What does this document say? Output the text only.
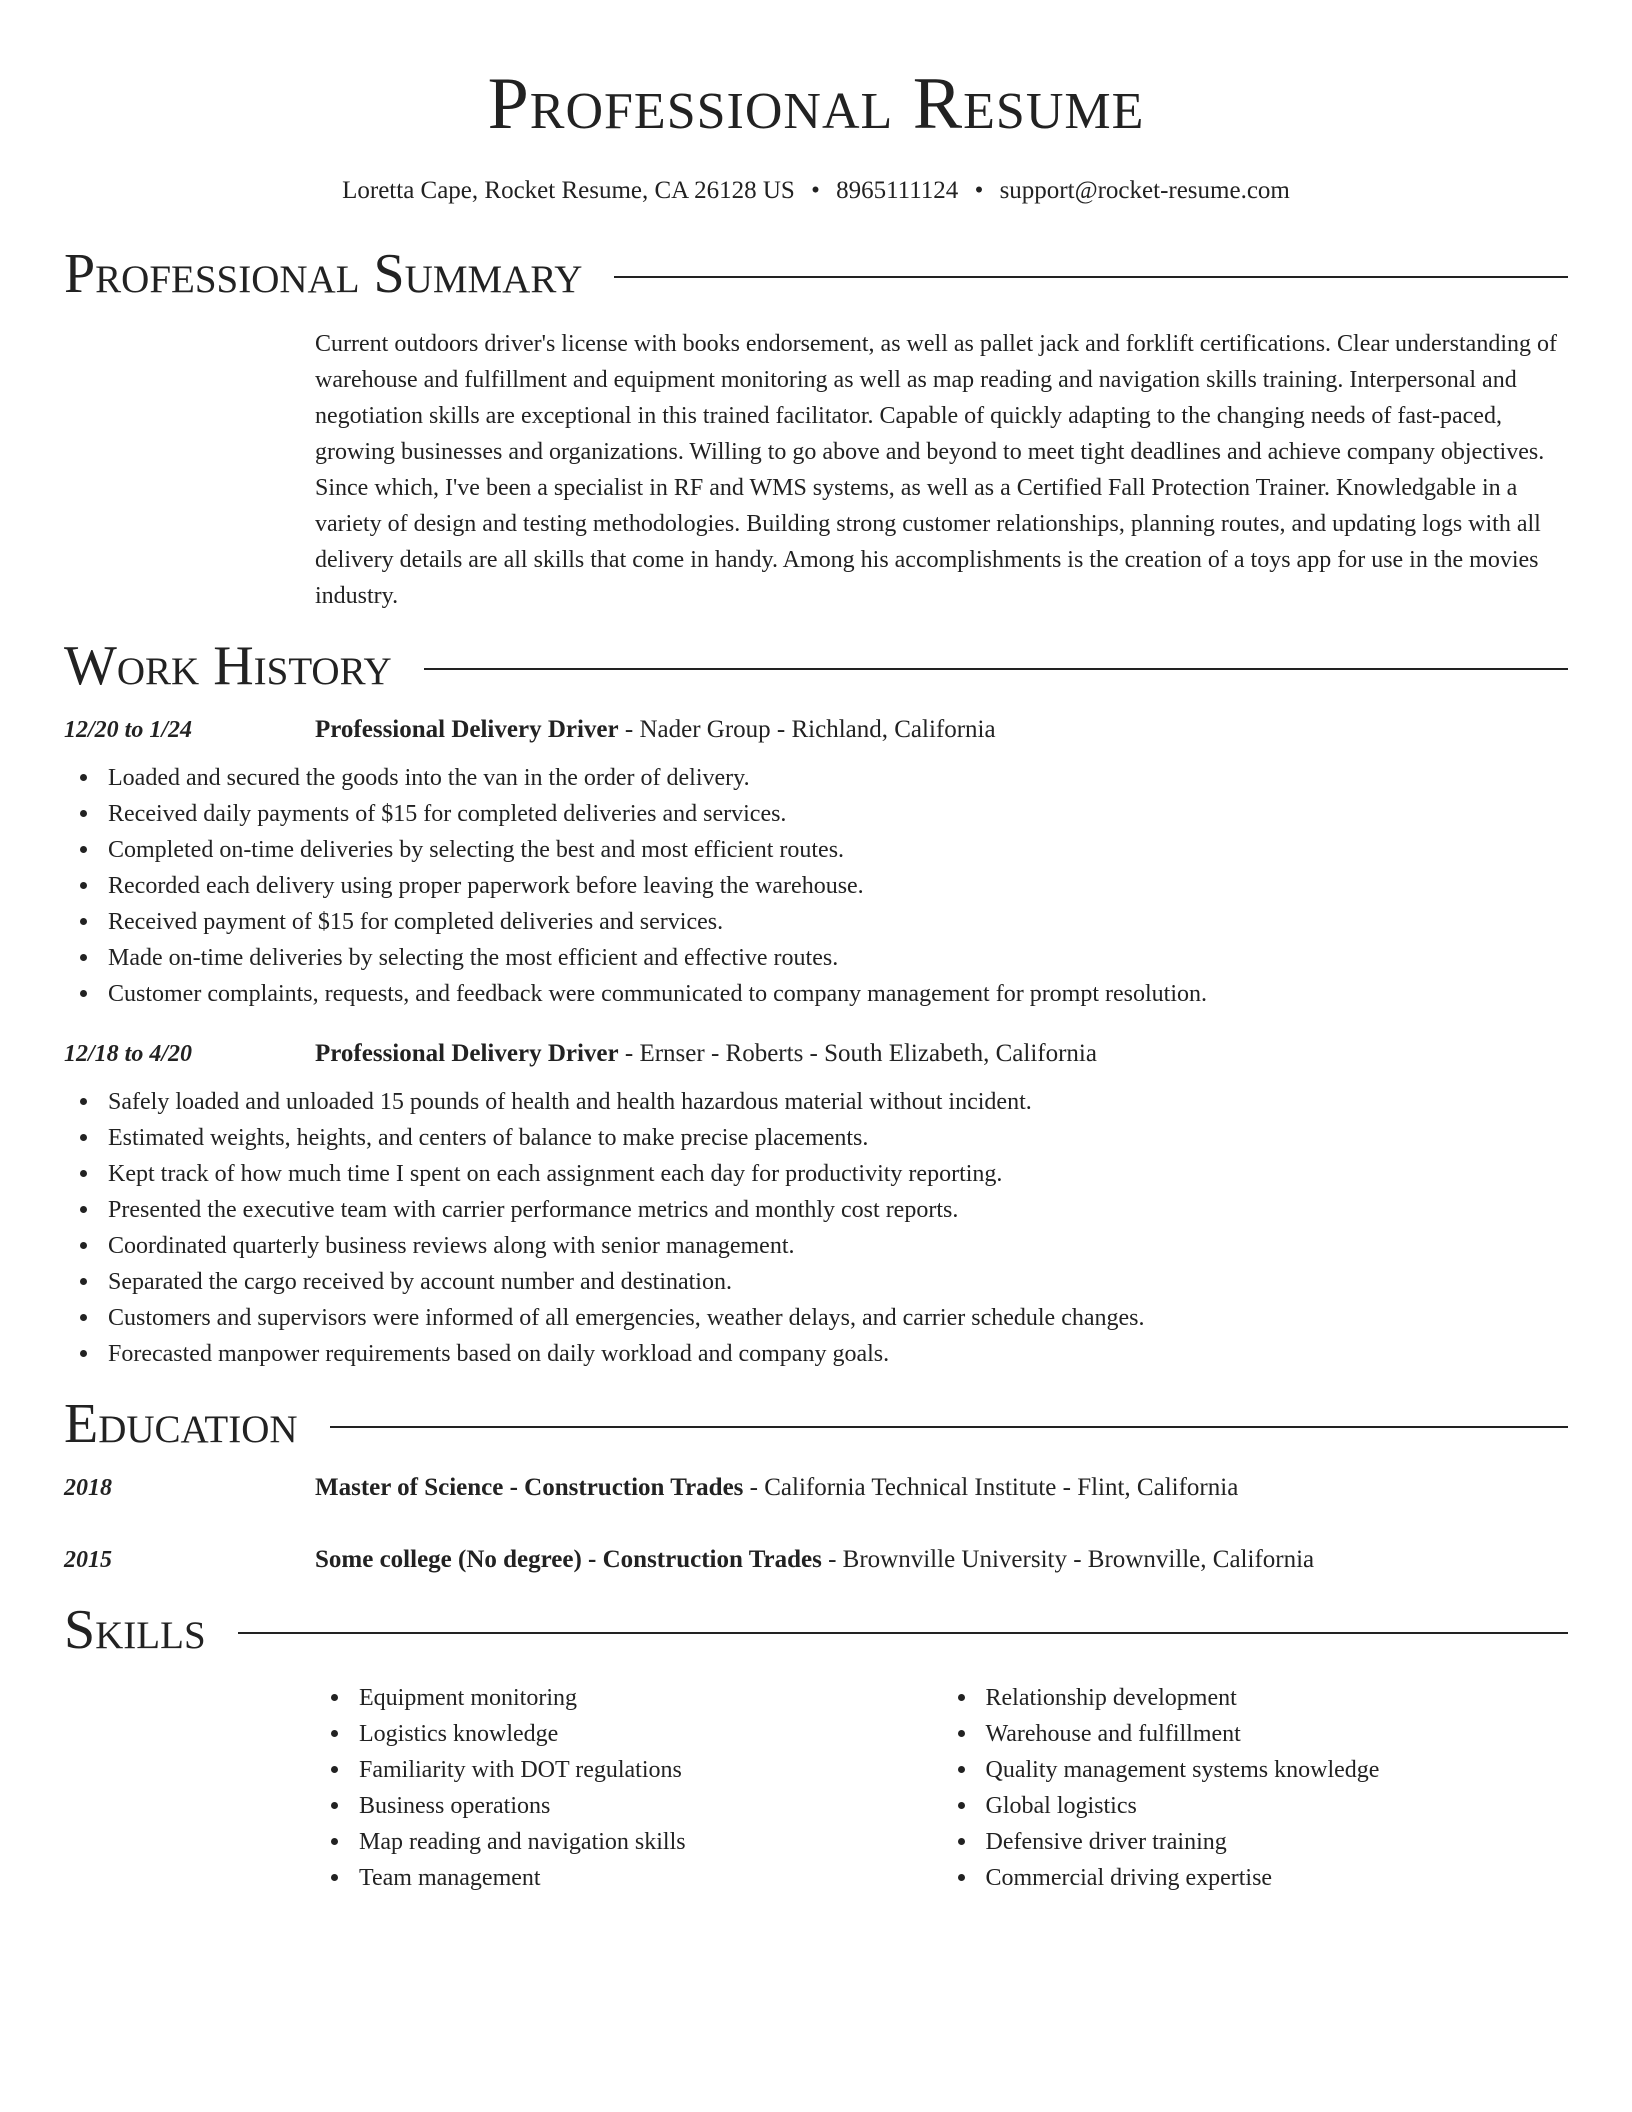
Professional Resume
Loretta Cape, Rocket Resume, CA 26128 US • 8965111124 • support@rocket-resume.com
Professional Summary
Current outdoors driver's license with books endorsement, as well as pallet jack and forklift certifications. Clear understanding of warehouse and fulfillment and equipment monitoring as well as map reading and navigation skills training. Interpersonal and negotiation skills are exceptional in this trained facilitator. Capable of quickly adapting to the changing needs of fast-paced, growing businesses and organizations. Willing to go above and beyond to meet tight deadlines and achieve company objectives. Since which, I've been a specialist in RF and WMS systems, as well as a Certified Fall Protection Trainer. Knowledgable in a variety of design and testing methodologies. Building strong customer relationships, planning routes, and updating logs with all delivery details are all skills that come in handy. Among his accomplishments is the creation of a toys app for use in the movies industry.
Work History
12/20 to 1/24	Professional Delivery Driver - Nader Group - Richland, California
Loaded and secured the goods into the van in the order of delivery.
Received daily payments of $15 for completed deliveries and services.
Completed on-time deliveries by selecting the best and most efficient routes.
Recorded each delivery using proper paperwork before leaving the warehouse.
Received payment of $15 for completed deliveries and services.
Made on-time deliveries by selecting the most efficient and effective routes.
Customer complaints, requests, and feedback were communicated to company management for prompt resolution.
12/18 to 4/20	Professional Delivery Driver - Ernser - Roberts - South Elizabeth, California
Safely loaded and unloaded 15 pounds of health and health hazardous material without incident.
Estimated weights, heights, and centers of balance to make precise placements.
Kept track of how much time I spent on each assignment each day for productivity reporting.
Presented the executive team with carrier performance metrics and monthly cost reports.
Coordinated quarterly business reviews along with senior management.
Separated the cargo received by account number and destination.
Customers and supervisors were informed of all emergencies, weather delays, and carrier schedule changes.
Forecasted manpower requirements based on daily workload and company goals.
Education
2018	Master of Science - Construction Trades - California Technical Institute - Flint, California
2015	Some college (No degree) - Construction Trades - Brownville University - Brownville, California
Skills
Equipment monitoring
Logistics knowledge
Familiarity with DOT regulations
Business operations
Map reading and navigation skills
Team management
Relationship development
Warehouse and fulfillment
Quality management systems knowledge
Global logistics
Defensive driver training
Commercial driving expertise
